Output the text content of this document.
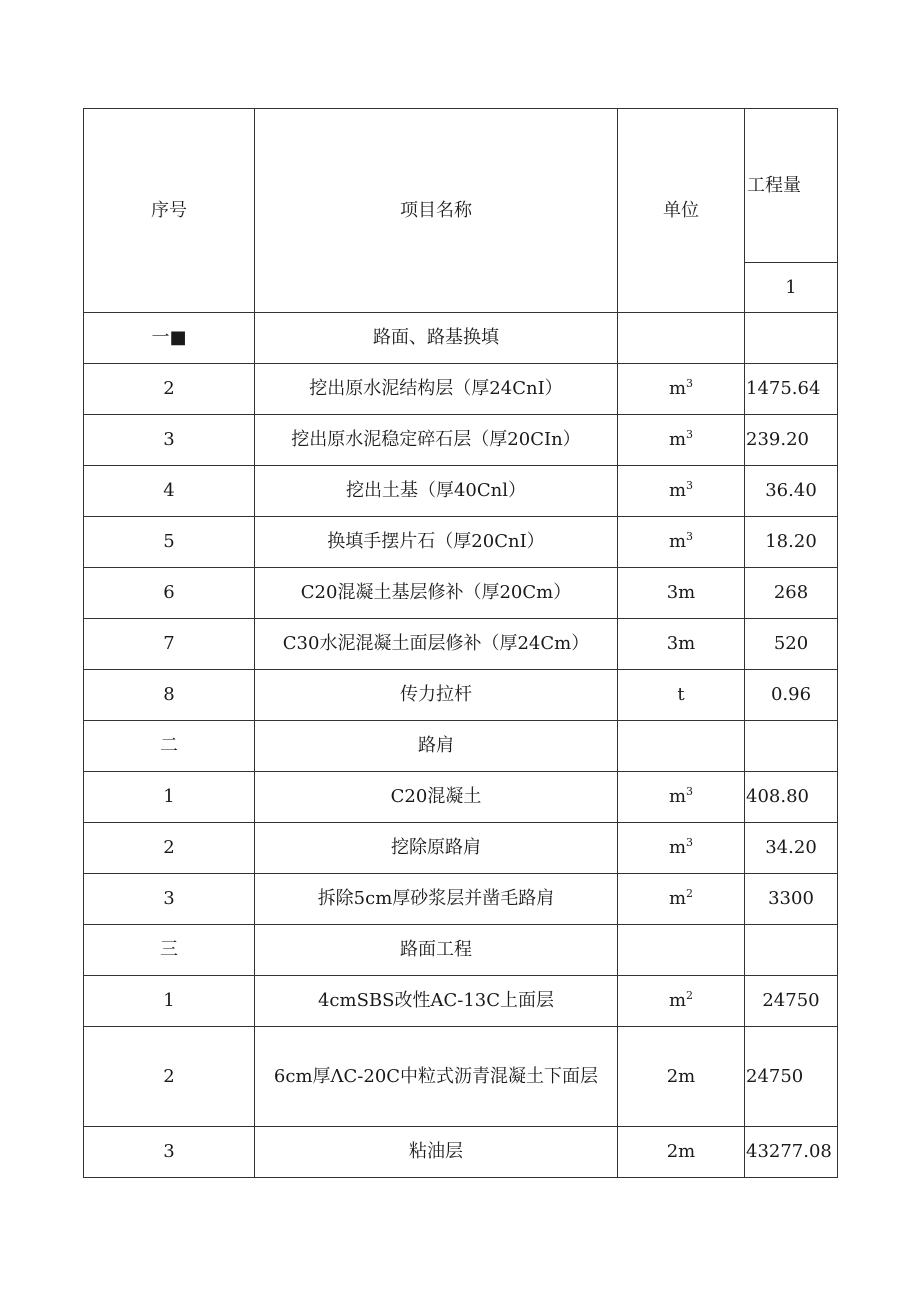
序号	项目名称	单位	工程量
			1
一■	路面、路基换填		
2	挖出原水泥结构层（厚24CnI）	$m^3$	1475.64
3	挖出原水泥稳定碎石层（厚20CIn）	$m^3$	239.20
4	挖出土基（厚40Cnl）	$m^3$	36.40
5	换填手摆片石（厚20CnI）	$m^3$	18.20
6	C20混凝土基层修补（厚20Cm）	3m	268
7	C30水泥混凝土面层修补（厚24Cm）	3m	520
8	传力拉杆	t	0.96
二	路肩		
1	C20混凝土	$m^3$	408.80
2	挖除原路肩	$m^3$	34.20
3	拆除5cm厚砂浆层并凿毛路肩	$m^2$	3300
三	路面工程		
1	4cmSBS改性AC-13C上面层	$m^2$	24750
2	6cm厚ΛC-20C中粒式沥青混凝土下面层	2m	24750
3	粘油层	2m	43277.08
